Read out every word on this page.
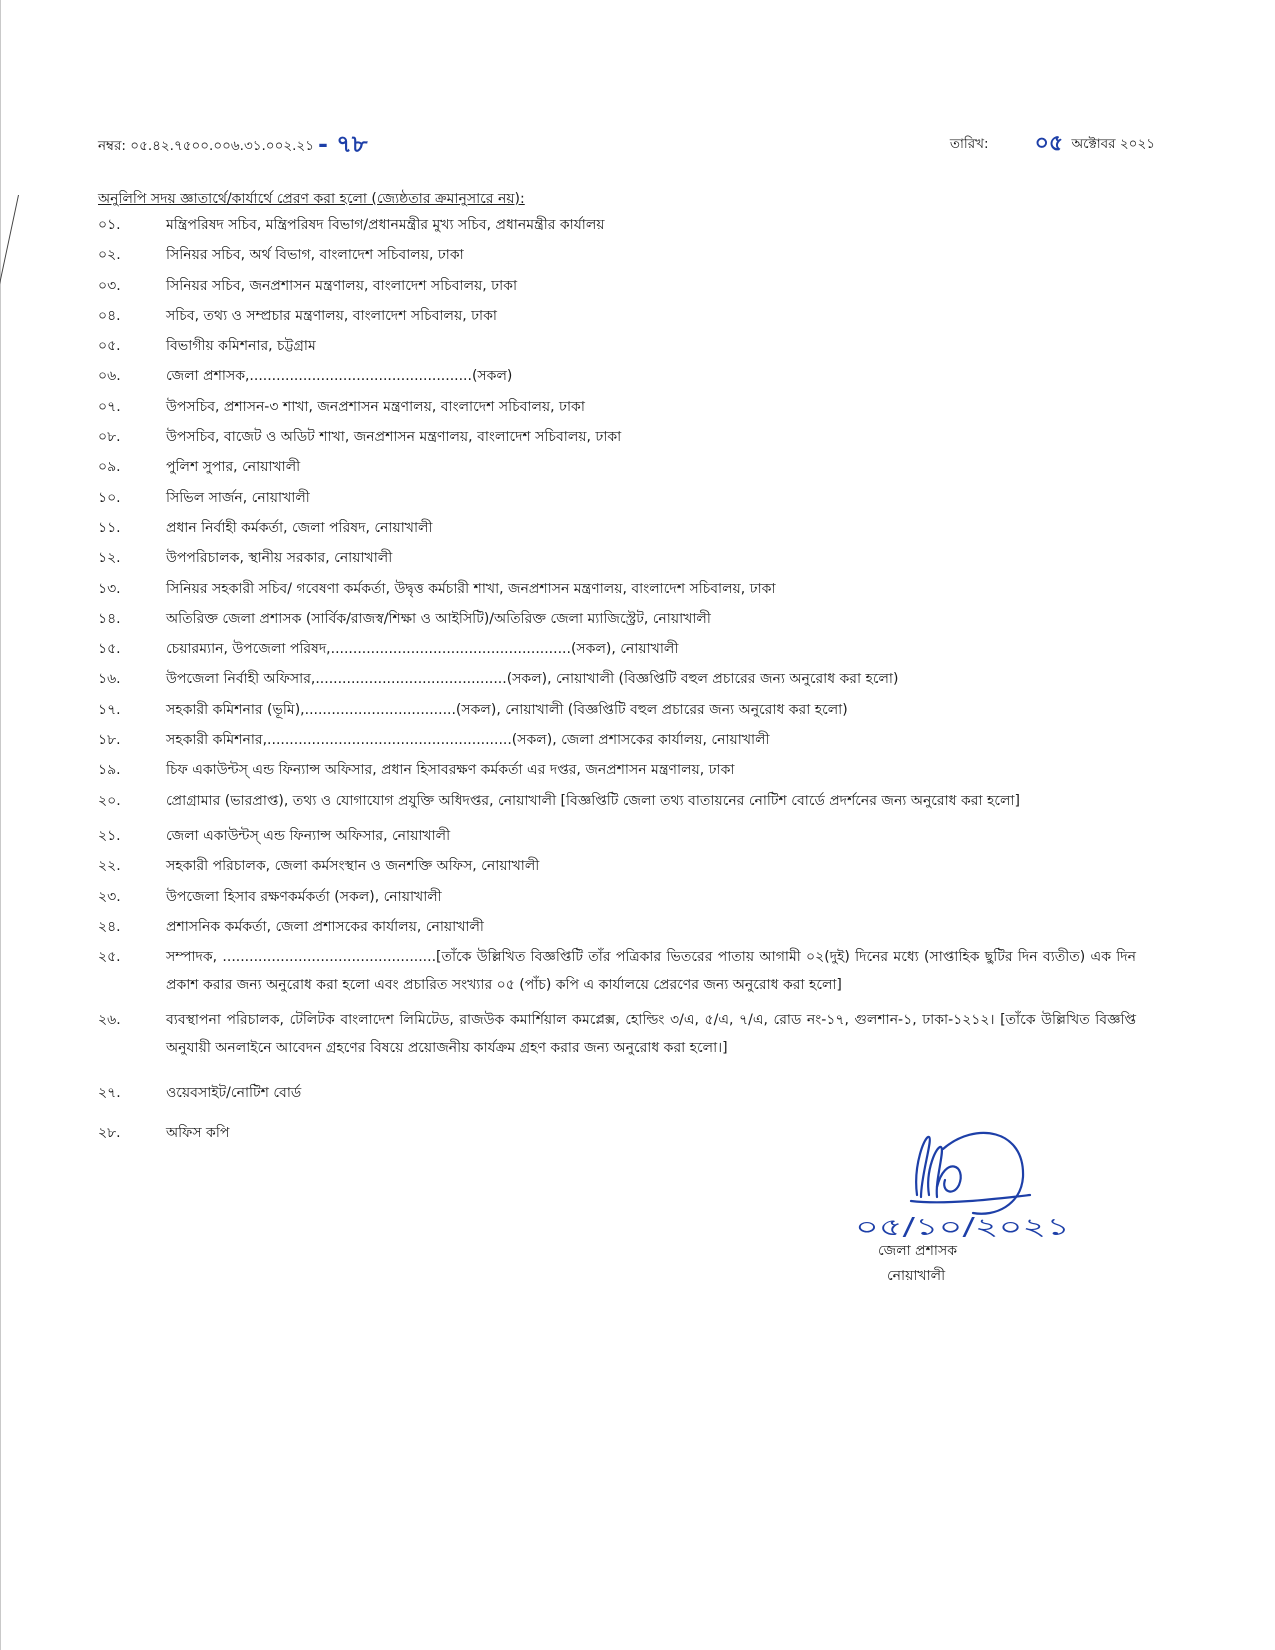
নম্বর: ০৫.৪২.৭৫০০.০০৬.৩১.০০২.২১ - ৭৮	তারিখ: ০৫ অক্টোবর ২০২১
অনুলিপি সদয় জ্ঞাতার্থে/কার্যার্থে প্রেরণ করা হলো (জ্যেষ্ঠতার ক্রমানুসারে নয়):
০১.	মন্ত্রিপরিষদ সচিব, মন্ত্রিপরিষদ বিভাগ/প্রধানমন্ত্রীর মুখ্য সচিব, প্রধানমন্ত্রীর কার্যালয়
০২.	সিনিয়র সচিব, অর্থ বিভাগ, বাংলাদেশ সচিবালয়, ঢাকা
০৩.	সিনিয়র সচিব, জনপ্রশাসন মন্ত্রণালয়, বাংলাদেশ সচিবালয়, ঢাকা
০৪.	সচিব, তথ্য ও সম্প্রচার মন্ত্রণালয়, বাংলাদেশ সচিবালয়, ঢাকা
০৫.	বিভাগীয় কমিশনার, চট্টগ্রাম
০৬.	জেলা প্রশাসক,..................................................(সকল)
০৭.	উপসচিব, প্রশাসন-৩ শাখা, জনপ্রশাসন মন্ত্রণালয়, বাংলাদেশ সচিবালয়, ঢাকা
০৮.	উপসচিব, বাজেট ও অডিট শাখা, জনপ্রশাসন মন্ত্রণালয়, বাংলাদেশ সচিবালয়, ঢাকা
০৯.	পুলিশ সুপার, নোয়াখালী
১০.	সিভিল সার্জন, নোয়াখালী
১১.	প্রধান নির্বাহী কর্মকর্তা, জেলা পরিষদ, নোয়াখালী
১২.	উপপরিচালক, স্থানীয় সরকার, নোয়াখালী
১৩.	সিনিয়র সহকারী সচিব/ গবেষণা কর্মকর্তা, উদ্বৃত্ত কর্মচারী শাখা, জনপ্রশাসন মন্ত্রণালয়, বাংলাদেশ সচিবালয়, ঢাকা
১৪.	অতিরিক্ত জেলা প্রশাসক (সার্বিক/রাজস্ব/শিক্ষা ও আইসিটি)/অতিরিক্ত জেলা ম্যাজিস্ট্রেট, নোয়াখালী
১৫.	চেয়ারম্যান, উপজেলা পরিষদ,......................................................(সকল), নোয়াখালী
১৬.	উপজেলা নির্বাহী অফিসার,...........................................(সকল), নোয়াখালী (বিজ্ঞপ্তিটি বহুল প্রচারের জন্য অনুরোধ করা হলো)
১৭.	সহকারী কমিশনার (ভূমি),..................................(সকল), নোয়াখালী (বিজ্ঞপ্তিটি বহুল প্রচারের জন্য অনুরোধ করা হলো)
১৮.	সহকারী কমিশনার,.......................................................(সকল), জেলা প্রশাসকের কার্যালয়, নোয়াখালী
১৯.	চিফ একাউন্টস্ এন্ড ফিন্যান্স অফিসার, প্রধান হিসাবরক্ষণ কর্মকর্তা এর দপ্তর, জনপ্রশাসন মন্ত্রণালয়, ঢাকা
২০.	প্রোগ্রামার (ভারপ্রাপ্ত), তথ্য ও যোগাযোগ প্রযুক্তি অধিদপ্তর, নোয়াখালী [বিজ্ঞপ্তিটি জেলা তথ্য বাতায়নের নোটিশ বোর্ডে প্রদর্শনের জন্য অনুরোধ করা হলো]
২১.	জেলা একাউন্টস্ এন্ড ফিন্যান্স অফিসার, নোয়াখালী
২২.	সহকারী পরিচালক, জেলা কর্মসংস্থান ও জনশক্তি অফিস, নোয়াখালী
২৩.	উপজেলা হিসাব রক্ষণকর্মকর্তা (সকল), নোয়াখালী
২৪.	প্রশাসনিক কর্মকর্তা, জেলা প্রশাসকের কার্যালয়, নোয়াখালী
২৫.	সম্পাদক, ................................................[তাঁকে উল্লিখিত বিজ্ঞপ্তিটি তাঁর পত্রিকার ভিতরের পাতায় আগামী ০২(দুই) দিনের মধ্যে (সাপ্তাহিক ছুটির দিন ব্যতীত) এক দিন প্রকাশ করার জন্য অনুরোধ করা হলো এবং প্রচারিত সংখ্যার ০৫ (পাঁচ) কপি এ কার্যালয়ে প্রেরণের জন্য অনুরোধ করা হলো]
২৬.	ব্যবস্থাপনা পরিচালক, টেলিটক বাংলাদেশ লিমিটেড, রাজউক কমার্শিয়াল কমপ্লেক্স, হোল্ডিং ৩/এ, ৫/এ, ৭/এ, রোড নং-১৭, গুলশান-১, ঢাকা-১২১২। [তাঁকে উল্লিখিত বিজ্ঞপ্তি অনুযায়ী অনলাইনে আবেদন গ্রহণের বিষয়ে প্রয়োজনীয় কার্যক্রম গ্রহণ করার জন্য অনুরোধ করা হলো।]
২৭.	ওয়েবসাইট/নোটিশ বোর্ড
২৮.	অফিস কপি
০৫/১০/২০২১
জেলা প্রশাসক
নোয়াখালী
